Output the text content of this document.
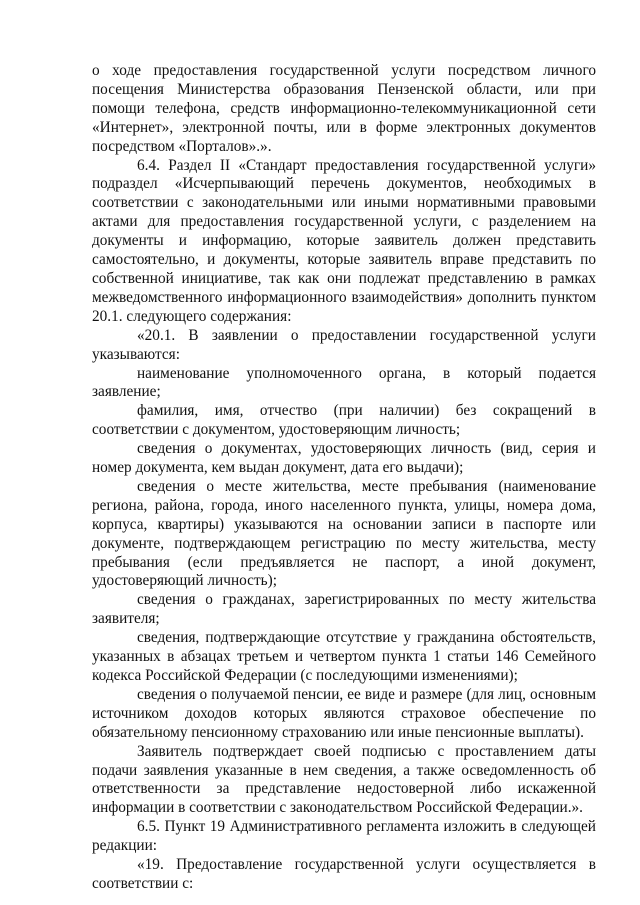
о ходе предоставления государственной услуги посредством личного посещения Министерства образования Пензенской области, или при помощи телефона, средств информационно-телекоммуникационной сети «Интернет», электронной почты, или в форме электронных документов посредством «Порталов».».

6.4. Раздел II «Стандарт предоставления государственной услуги» подраздел «Исчерпывающий перечень документов, необходимых в соответствии с законодательными или иными нормативными правовыми актами для предоставления государственной услуги, с разделением на документы и информацию, которые заявитель должен представить самостоятельно, и документы, которые заявитель вправе представить по собственной инициативе, так как они подлежат представлению в рамках межведомственного информационного взаимодействия» дополнить пунктом 20.1. следующего содержания:

«20.1. В заявлении о предоставлении государственной услуги указываются:

наименование уполномоченного органа, в который подается заявление;

фамилия, имя, отчество (при наличии) без сокращений в соответствии с документом, удостоверяющим личность;

сведения о документах, удостоверяющих личность (вид, серия и номер документа, кем выдан документ, дата его выдачи);

сведения о месте жительства, месте пребывания (наименование региона, района, города, иного населенного пункта, улицы, номера дома, корпуса, квартиры) указываются на основании записи в паспорте или документе, подтверждающем регистрацию по месту жительства, месту пребывания (если предъявляется не паспорт, а иной документ, удостоверяющий личность);

сведения о гражданах, зарегистрированных по месту жительства заявителя;

сведения, подтверждающие отсутствие у гражданина обстоятельств, указанных в абзацах третьем и четвертом пункта 1 статьи 146 Семейного кодекса Российской Федерации (с последующими изменениями);

сведения о получаемой пенсии, ее виде и размере (для лиц, основным источником доходов которых являются страховое обеспечение по обязательному пенсионному страхованию или иные пенсионные выплаты).

Заявитель подтверждает своей подписью с проставлением даты подачи заявления указанные в нем сведения, а также осведомленность об ответственности за представление недостоверной либо искаженной информации в соответствии с законодательством Российской Федерации.».

6.5. Пункт 19 Административного регламента изложить в следующей редакции:

«19. Предоставление государственной услуги осуществляется в соответствии с:
